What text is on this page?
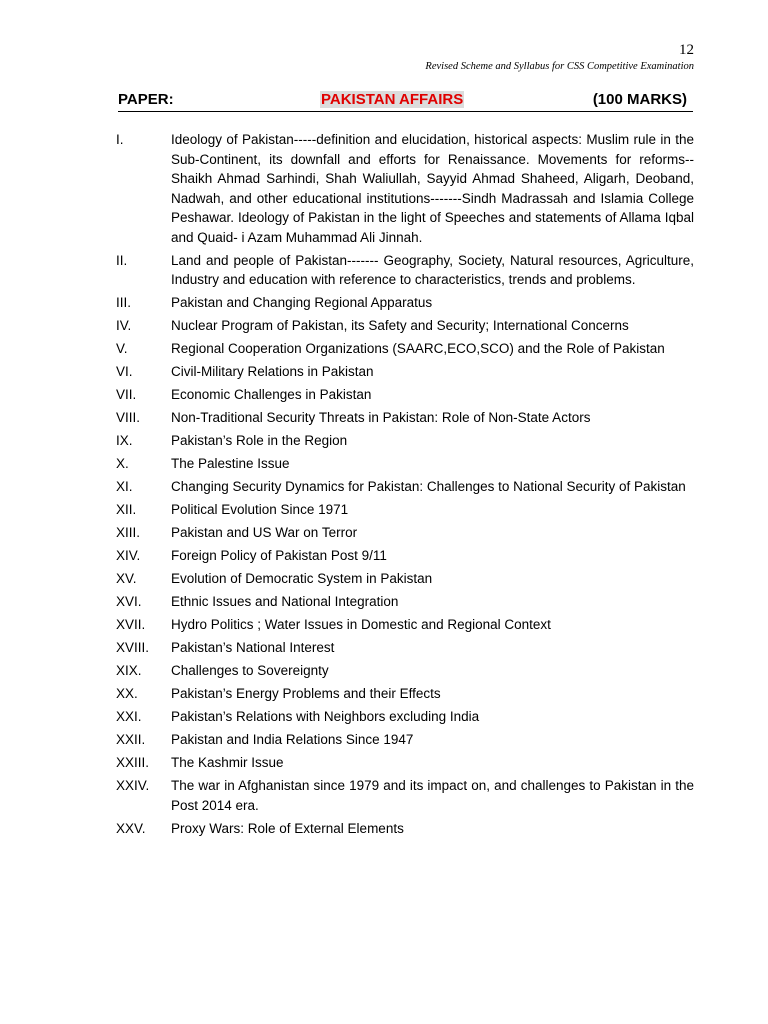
12
Revised Scheme and Syllabus for CSS Competitive Examination
PAPER:	PAKISTAN AFFAIRS	(100 MARKS)
I.	Ideology of Pakistan-----definition and elucidation, historical aspects: Muslim rule in the Sub-Continent, its downfall and efforts for Renaissance. Movements for reforms-- Shaikh Ahmad Sarhindi, Shah Waliullah, Sayyid Ahmad Shaheed, Aligarh, Deoband, Nadwah, and other educational institutions-------Sindh Madrassah and Islamia College Peshawar. Ideology of Pakistan in the light of Speeches and statements of Allama Iqbal and Quaid- i Azam Muhammad Ali Jinnah.
II.	Land and people of Pakistan------- Geography, Society, Natural resources, Agriculture, Industry and education with reference to characteristics, trends and problems.
III.	Pakistan and Changing Regional Apparatus
IV.	Nuclear Program of Pakistan, its Safety and Security; International Concerns
V.	Regional Cooperation Organizations (SAARC,ECO,SCO) and the Role of Pakistan
VI.	Civil-Military Relations in Pakistan
VII.	Economic Challenges in Pakistan
VIII.	Non-Traditional Security Threats in Pakistan: Role of Non-State Actors
IX.	Pakistan’s Role in the Region
X.	The Palestine Issue
XI.	Changing Security Dynamics for Pakistan: Challenges to National Security of Pakistan
XII.	Political Evolution Since 1971
XIII.	Pakistan and US War on Terror
XIV.	Foreign Policy of Pakistan Post 9/11
XV.	Evolution of Democratic System in Pakistan
XVI.	Ethnic Issues and National Integration
XVII.	Hydro Politics ; Water Issues in Domestic and Regional Context
XVIII.	Pakistan’s National Interest
XIX.	Challenges to Sovereignty
XX.	Pakistan’s Energy Problems and their Effects
XXI.	Pakistan’s Relations with Neighbors excluding India
XXII.	Pakistan and India Relations Since 1947
XXIII.	The Kashmir Issue
XXIV.	The war in Afghanistan since 1979 and its impact on, and challenges to Pakistan in the Post 2014 era.
XXV.	Proxy Wars: Role of External Elements
